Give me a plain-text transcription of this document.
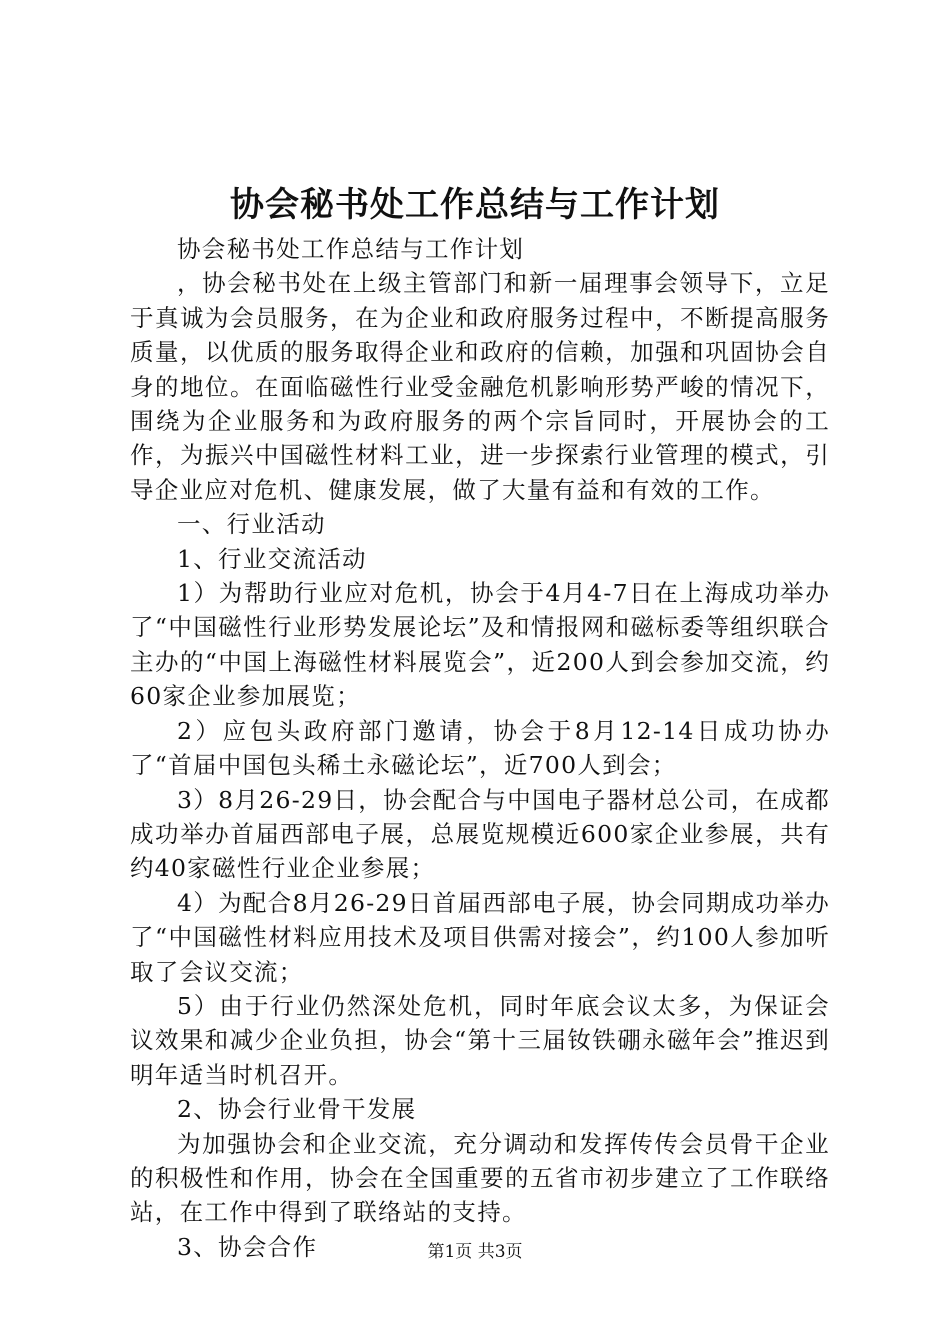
协会秘书处工作总结与工作计划

协会秘书处工作总结与工作计划

，协会秘书处在上级主管部门和新一届理事会领导下，立足于真诚为会员服务，在为企业和政府服务过程中，不断提高服务质量，以优质的服务取得企业和政府的信赖，加强和巩固协会自身的地位。在面临磁性行业受金融危机影响形势严峻的情况下，围绕为企业服务和为政府服务的两个宗旨同时，开展协会的工作，为振兴中国磁性材料工业，进一步探索行业管理的模式，引导企业应对危机、健康发展，做了大量有益和有效的工作。

一、行业活动

1、行业交流活动

1）为帮助行业应对危机，协会于4月4-7日在上海成功举办了“中国磁性行业形势发展论坛”及和情报网和磁标委等组织联合主办的“中国上海磁性材料展览会”，近200人到会参加交流，约60家企业参加展览；

2）应包头政府部门邀请，协会于8月12-14日成功协办了“首届中国包头稀土永磁论坛”，近700人到会；

3）8月26-29日，协会配合与中国电子器材总公司，在成都成功举办首届西部电子展，总展览规模近600家企业参展，共有约40家磁性行业企业参展；

4）为配合8月26-29日首届西部电子展，协会同期成功举办了“中国磁性材料应用技术及项目供需对接会”，约100人参加听取了会议交流；

5）由于行业仍然深处危机，同时年底会议太多，为保证会议效果和减少企业负担，协会“第十三届钕铁硼永磁年会”推迟到明年适当时机召开。

2、协会行业骨干发展

为加强协会和企业交流，充分调动和发挥传传会员骨干企业的积极性和作用，协会在全国重要的五省市初步建立了工作联络站，在工作中得到了联络站的支持。

3、协会合作	第1页 共3页
